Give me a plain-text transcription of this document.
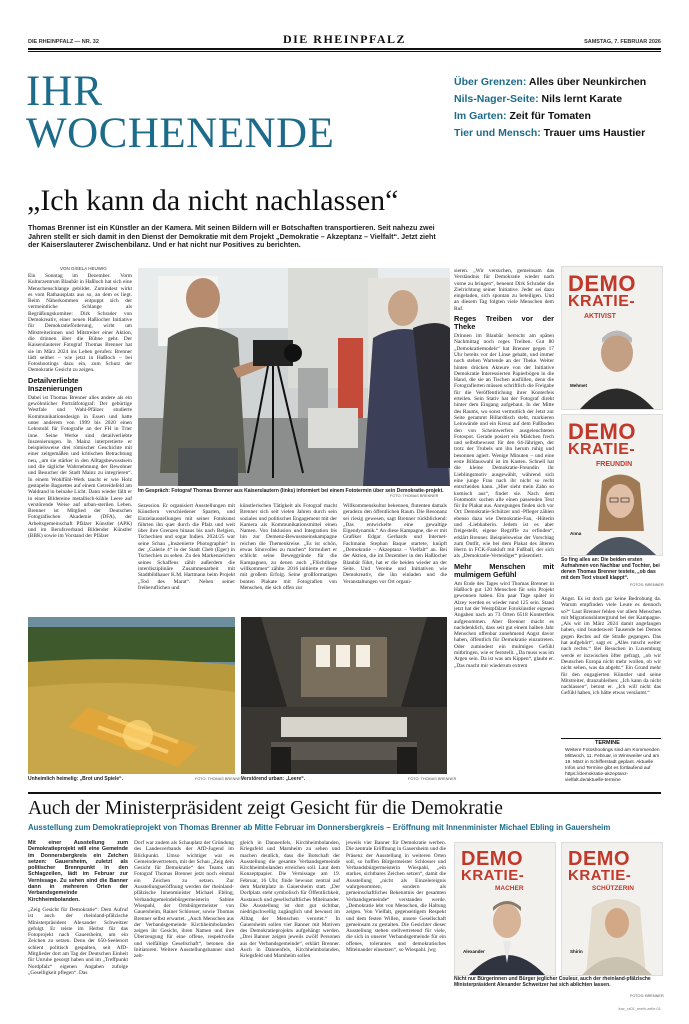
DIE RHEINPFALZ — NR. 32	DIE RHEINPFALZ	SAMSTAG, 7. FEBRUAR 2026
IHR
WOCHENENDE
Über Grenzen: Alles über Neunkirchen
Nils-Nager-Seite: Nils lernt Karate
Im Garten: Zeit für Tomaten
Tier und Mensch: Trauer ums Haustier
„Ich kann da nicht nachlassen“
Thomas Brenner ist ein Künstler an der Kamera. Mit seinen Bildern will er Botschaften transportieren. Seit nahezu zwei Jahren stellt er sich damit in den Dienst der Demokratie mit dem Projekt „Demokratie – Akzeptanz – Vielfalt“. Jetzt zieht der Kaiserslauterer Zwischenbilanz. Und er hat nicht nur Positives zu berichten.
VON GISELA HEUWIG
Ein Sonntag im Dezember. Vorm Kulturzentrum Blaubär in Haßloch hat sich eine Menschenschlange gebildet. Zumindest wirkt es vom Rathausplatz aus so, an dem es liegt. Beim Näherkommen entpuppt sich der vermeintliche Schlange als Begrüßungskomitee: Dirk Schrader von Demokreativ, einer neuen Haßlocher Initiative für Demokratieförderung, wirbt um Mitstreiterinnen und Mitstreiter einer Aktion, die drinnen über die Bühne geht. Der Kaiserslauterer Fotograf Thomas Brenner hat sie im März 2024 ins Leben gerufen: Brenner lädt seither – wie jetzt in Haßloch – bei Fotoshootings dazu ein, zum Schutz der Demokratie Gesicht zu zeigen.
Detailverliebte Inszenierungen
Dabei ist Thomas Brenner alles andere als ein gewöhnlicher Porträtfotograf: Der gebürtige Westfale und Wahl-Pfälzer studierte Kommunikationsdesign in Essen und hatte unter anderem von 1999 bis 2020 einen Lehrstuhl für Fotografie an der FH in Trier inne. Seine Werke sind detailverliebte Inszenierungen. In Mainz interpretierte er beispielsweise drei römischer Geschichte mit einer zeitgemäßen und kritischen Betrachtung neu, „um sie stärker in den Alltagsbewusstsein und die tägliche Wahrnehmung der Bewohner und Besucher der Stadt Mainz zu integrieren“. In einem Wohlfühl-Werk taucht er wie Holz gestapelte Baguettes auf einem Getreidefeld am Waldrand in beinahe Licht. Dann wieder fällt er in einer Bildereine metallisch-kühle Leere auf verstörende Weise auf urban-sterilen Leben. Brenner ist Mitglied der Deutschen Fotografischen Akademie (DFA), der Arbeitsgemeinschaft Pfälzer Künstler (APK) und im Berufsverband Bildender Künstler (BBK) sowie im Vorstand der Pfälzer
Im Gespräch: Fotograf Thomas Brenner aus Kaiserslautern (links) informiert bei einem Fototermin über sein Demokratie-projekt.
FOTO: THOMAS BRENNER
Sezession. Er organisiert Ausstellungen mit Künstlern verschiedener Sparten, und Einzelausstellungen mit seiner Fotokunst führten ihn quer durch die Pfalz und weit über ihre Grenzen hinaus bis nach Belgien, Tschechien und sogar Indien. 2024/25 war seine Schau „Inszenierte Photographie“ in der „Galerie 4“ in der Stadt Cheb (Eger) in Tschechien zu sehen. Zu den Markenzeichen seines Schaffens zählt außerdem die interdisziplinäre Zusammenarbeit mit Stadtbildhauer K.M. Hartmann beim Projekt „Tod des Marat“. Neben seiner freiberuflichen und
künstlerischen Tätigkeit als Fotograf macht Brenner sich seit vielen Jahren durch sein soziales und politisches Engagement mit der Kamera als Kommunikationsmittel einen Namen. Von Inklusion und Integration bis hin zur Demenz-Bewusstseinskampagne reichen die Themenkreise. „Es ist schön, etwas Sinnvolles zu machen“ formuliert er schlicht seine Beweggründe für die Kampagnen, zu denen auch „Flüchtlinge willkommen“ zählte. 2016 initiierte er diese mit großem Erfolg. Seine großformatigen bunten Plakate mit Fotografien von Menschen, die sich offen zur
Willkommenskultur bekennen, flutenten damals geradezu den öffentlichen Raum. Die Resonanz sei riesig gewesen, sagt Brenner rückblickend: „Das entwickelte eine gewaltige Eigendynamik.“ An diese Kampagne, die er mit Grafiker Edgar Gerhards und Internet-Fachmann Stephan Baque startete, knüpft „Demokratie – Akzeptanz – Vielfalt“ an. Bei der Aktion, die im Dezember in den Haßlocher Blaubär führt, hat er die beiden wieder an der Seite. Und Vereine und Initiativen wie Demokreativ, die ihn einladen und die Veranstaltungen vor Ort organi-
sieren. „Wir versuchen, gemeinsam das Verständnis für Demokratie wieder nach vorne zu bringen“, benennt Dirk Schrader die Zielrichtung seiner Initiative. Jeder sei dazu eingeladen, sich spontan zu beteiligen. Und an diesem Tag folgten viele Menschen dem Ruf.
Reges Treiben vor der Theke
Drinnen im Blaubär herrscht am späten Nachmittag noch reges Treiben. Gut 80 „Demokratiemodels“ hat Brenner gegen 17 Uhr bereits vor der Linse gehabt, und immer noch stehen Wartende an der Theke. Weiter hinten drücken Akteure von der Initiative Demokratie Interessierten Papierbögen in die Hand, die sie an Tischen ausfüllen, denn die Fotografierten müssen schriftlich die Freigabe für die Veröffentlichung ihrer Konterfeis erteilen. Sein Stativ hat der Fotograf direkt hinter dem Eingang aufgebaut. In der Mitte des Raums, wo sonst vermutlich der Jetzt zur Seite gerammt Billardtisch steht, markieren Leinwände und ein Kreuz auf dem Fußboden den von Scheinwerfern ausgeleuchteten Fotospot. Gerade posiert ein Mädchen frech und selbstbewusst für den 64-Jährigen, der trotz der Trubels um ihn herum ruhig und besonnen agiert. Wenige Minuten – und eine erste Bildauswahl ist im Kasten. Schnell hat die kleine Demokratie-Freundin ihr Lieblingsmotiv ausgewählt, während sich eine junge Frau nach ihr nicht so recht entscheiden kann. „Hier sieht mein Zahn so komisch aus“, findet sie. Nach dem Fotomotiv suchen alle einen passenden Text für ihr Plakat aus. Anregungen finden sich vor Ort: Demokratie-Schützer und -Pfleger zählen ebenso dazu wie Demokratie-Fan, -Hüterin und -Liebhaberin. Jedem ist es aber freigestellt, eigene Begriffe zu erfinden“, erklärt Brenner. Beispielsweise der Vorschlag zum Outfit, wie bei dem Plakat des älteren Herrn in FCK-Fankluft mit Fußball, der sich als „Demokratie-Verteidiger“ präsentiert.
Mehr Menschen mit mulmigem Gefühl
Am Ende des Tages wird Thomas Brenner in Haßloch gut 120 Menschen für sein Projekt gewonnen haben. Ein paar Tage später in Alzey werden es wieder rund 125 sein. Stand jetzt hat der Westpfälzer Fotokünstler eigenen Angaben nach an 73 Orten 6518 Kontertfeis aufgenommen. Aber Brenner macht es nachdenklich, dass seit gut einem halben Jahr Menschen offenbar zunehmend Angst davor haben, öffentlich für Demokratie einzutreten. Oder zumindest ein mulmiges Gefühl mitbringen, wie er feststellt. „Da muss was im Argen sein. Da ist was am Kippen“, glaubt er. „Das macht mir wiederum extrem
DEMO
KRATIE-
AKTIVIST
Mehmet
DEMO
KRATIE-
FREUNDIN
Anna
So fing alles an: Die beiden ersten Aufnahmen von Nachbar und Tochter, bei denen Thomas Brenner testete, „ob das mit dem Text visuell klappt“.
FOTOS: BRENNER
Angst. Es ist doch gar keine Bedrohung da. Warum empfinden viele Leute es dennoch so?“ Laut Brenner fehlen vor allem Menschen mit Migrationshintergrund bei der Kampagne. „Als wir im März 2024 damit angefangen haben, sind bundesweit Tausende bei Demos gegen Rechts auf die Straße gegangen. Das hat aufgehört“, sagt er. „Alles rutscht weiter nach rechts.“ Bei Besuchen in Luxemburg werde er inzwischen öfter gefragt, „ob wir Deutschen Europa nicht mehr wollen, ob wir nicht sehen, was da abgeht.“ Ein Grund mehr für den engagierten Künstler und seine Mitstreiter, dranzubleiben: „Ich kann da nicht nachlassen“, betont er. „Ich will nicht das Gefühl haben, ich hätte etwas versäumt.“
TERMINE
Weitere Fotoshootings sind am Kommenden Mittwoch, 11. Februar, in Winnweiler und am 19. März in Schifferstadt geplant. Aktuelle Infos und Termine gibt es fortlaufend auf https://demokratie-akzeptanz-vielfalt.de/aktuelle-termine
Unheimlich heimelig: „Brot und Spiele“.	FOTO: THOMAS BRENNER
Verstörend urban: „Leere“.	FOTO: THOMAS BRENNER
Auch der Ministerpräsident zeigt Gesicht für die Demokratie
Ausstellung zum Demokratieprojekt von Thomas Brenner ab Mitte Februar im Donnersbergkreis – Eröffnung mit Innenminister Michael Ebling in Gauersheim
Mit einer Ausstellung zum Demokratieprojekt will eine Gemeinde im Donnersbergkreis ein Zeichen setzen: Gauersheim, zuletzt als politischer Brennpunkt in den Schlagzeilen, lädt im Februar zur Vernissage. Zu sehen sind die Banner dann in mehreren Orten der Verbandsgemeinde Kirchheimbolanden.
„Zeig Gesicht für Demokratie“: Dem Aufruf ist auch der rheinland-pfälzische Ministerpräsident Alexander Schweitzer gefolgt. Er reiste im Herbst für das Fotoprojekt nach Gauersheim, um ein Zeichen zu setzen. Denn der 650-Seelenort schient politisch gespalten, seit AfD-Mitglieder dort am Tag der Deutschen Einheit für Unruhe gesorgt haben und im „Treffpunkt Nordpfalz“ eigenen Angaben zufolge „Geselligkeit pflegen“. Das
Dorf war zudem als Schauplatz der Gründung des Landesverbands der AfD-Jugend im Blickpunkt. Umso wichtiger war es Gemeindevertretern, mit der Schau „Zeig dein Gesicht für Demokratie“ des Teams um Fotograf Thomas Brenner jetzt noch einmal ein Zeichen zu setzen. Zur Ausstellungseröffnung werden der rheinland-pfälzische Innenminister Michael Ebling, Verbandsgemeindebürgermeisterin Sabine Wiespahl, der Ortsbürgermeister von Gauersheim, Rainer Schlosser, sowie Thomas Brenner selbst erwartet. „Auch Menschen aus der Verbandsgemeinde Kirchheimbolanden zeigen ihr Gesicht, ihren Namen und ihre Überzeugung für eine offene, respektvolle und vielfältige Gesellschaft“, betonen die Initiatoren. Weitere Ausstellungsbanner sind zeit-
gleich in Dannenfels, Kirchheimbolanden, Kriegsfeld und Marnheim zu sehen und machen deutlich, dass die Botschaft der Ausstellung die gesamte Verbandsgemeinde Kirchheimbolanden erreichen soll. Laut dem Konzeptpapier. Die Vernissage am 19. Februar, 16 Uhr, finde bewusst zentral auf dem Marktplatz in Gauersheim statt. „Der Dorfplatz steht symbolisch für Öffentlichkeit, Austausch und gesellschaftliches Miteinander. Die Ausstellung ist dort gut sichtbar, niedrigschwellig zugänglich und bewusst im Alltag der Menschen verortet.“ In Gauersheim sollen vier Banner mit Motiven des Demokratieprojekts aufgehängt werden. „Drei Banner zeigen jeweils zwölf Personen aus der Verbandsgemeinde“, erklärt Brenner. Auch in Dannenfels, Kirchheimbolanden, Kriegsfeld und Marnheim sollen
jeweils vier Banner für Demokratie werben. Die zentrale Eröffnung in Gauersheim und die Präsenz der Ausstellung in weiteren Orten soll, so hoffen Bürgermeister Schlosser und Verbandsbürgermeisterin Wiespahl, „ein starkes, sichtbares Zeichen setzen“, damit die Ausstellung „nicht als Einzelereignis wahrgenommen, sondern als gemeinschaftliches Bekenntnis der gesamten Verbandsgemeinde“ verstanden werde. „Demokratie lebt von Menschen, die Haltung zeigen. Von Vielfalt, gegenseitigem Respekt und dem festen Willen, unsere Gesellschaft gemeinsam zu gestalten. Die Gesichter dieser Ausstellung stehen stellvertretend für viele, die sich in unserer Verbandsgemeinde für ein offenes, tolerantes und demokratisches Miteinander einsetzen“, so Wiespahl. jwg
DEMO
KRATIE-
MACHER
Alexander
DEMO
KRATIE-
SCHÜTZERIN
Shirin
Nicht nur Bürgerinnen und Bürger jeglicher Couleur, auch der rheinland-pfälzische Ministerpräsident Alexander Schweitzer hat sich ablichten lassen.
FOTOS: BRENNER
kaz_rz01_meth-zelle.01
